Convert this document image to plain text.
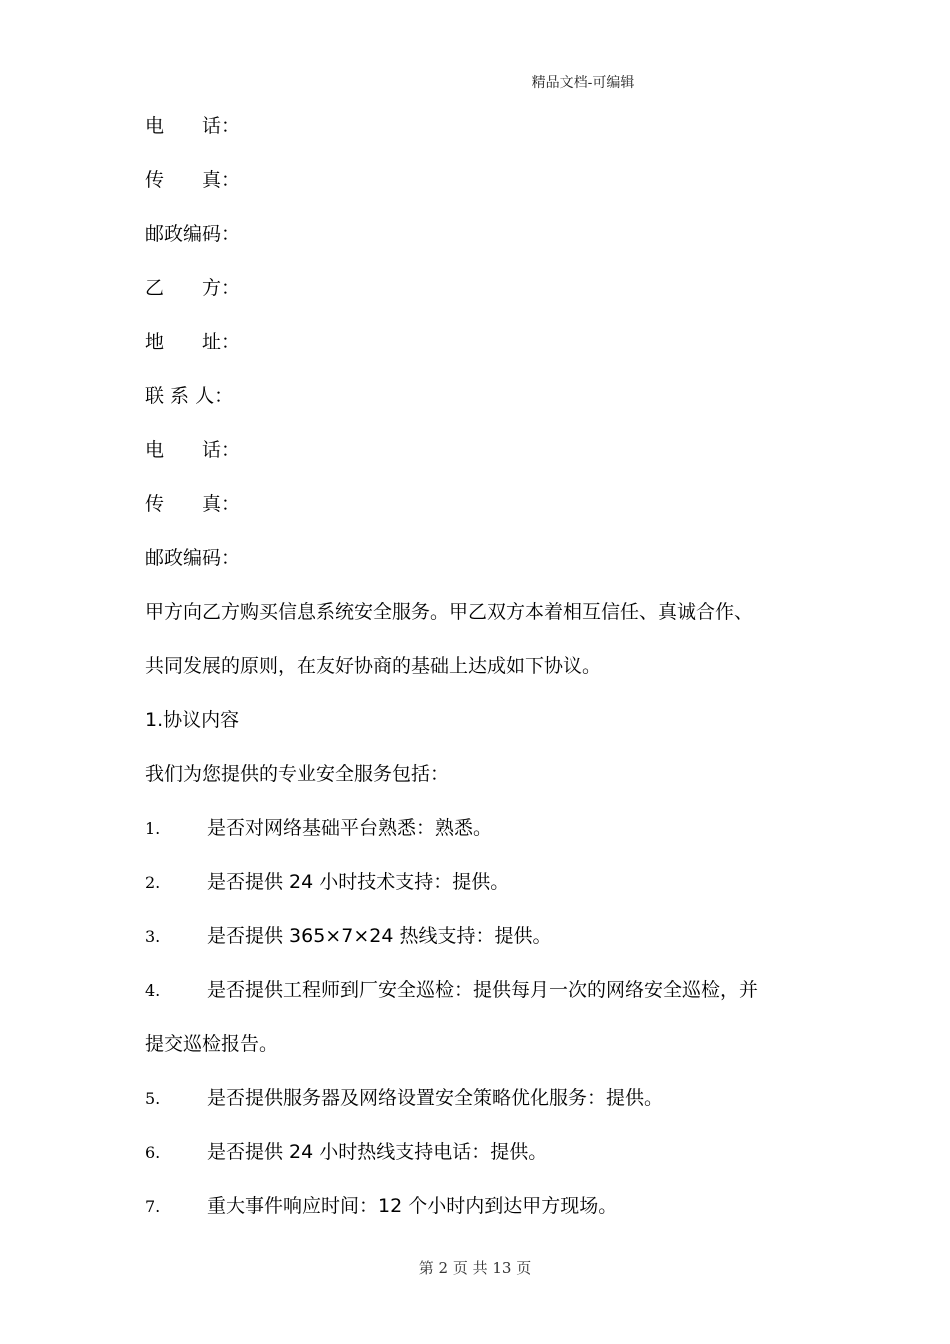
精品文档-可编辑
电　　话：
传　　真：
邮政编码：
乙　　方：
地　　址：
联 系 人：
电　　话：
传　　真：
邮政编码：
甲方向乙方购买信息系统安全服务。甲乙双方本着相互信任、真诚合作、
共同发展的原则，在友好协商的基础上达成如下协议。
1.协议内容
我们为您提供的专业安全服务包括：
1. 是否对网络基础平台熟悉：熟悉。
2. 是否提供 24 小时技术支持：提供。
3. 是否提供 365×7×24 热线支持：提供。
4. 是否提供工程师到厂安全巡检：提供每月一次的网络安全巡检，并
提交巡检报告。
5. 是否提供服务器及网络设置安全策略优化服务：提供。
6. 是否提供 24 小时热线支持电话：提供。
7. 重大事件响应时间：12 个小时内到达甲方现场。
第 2 页 共 13 页
